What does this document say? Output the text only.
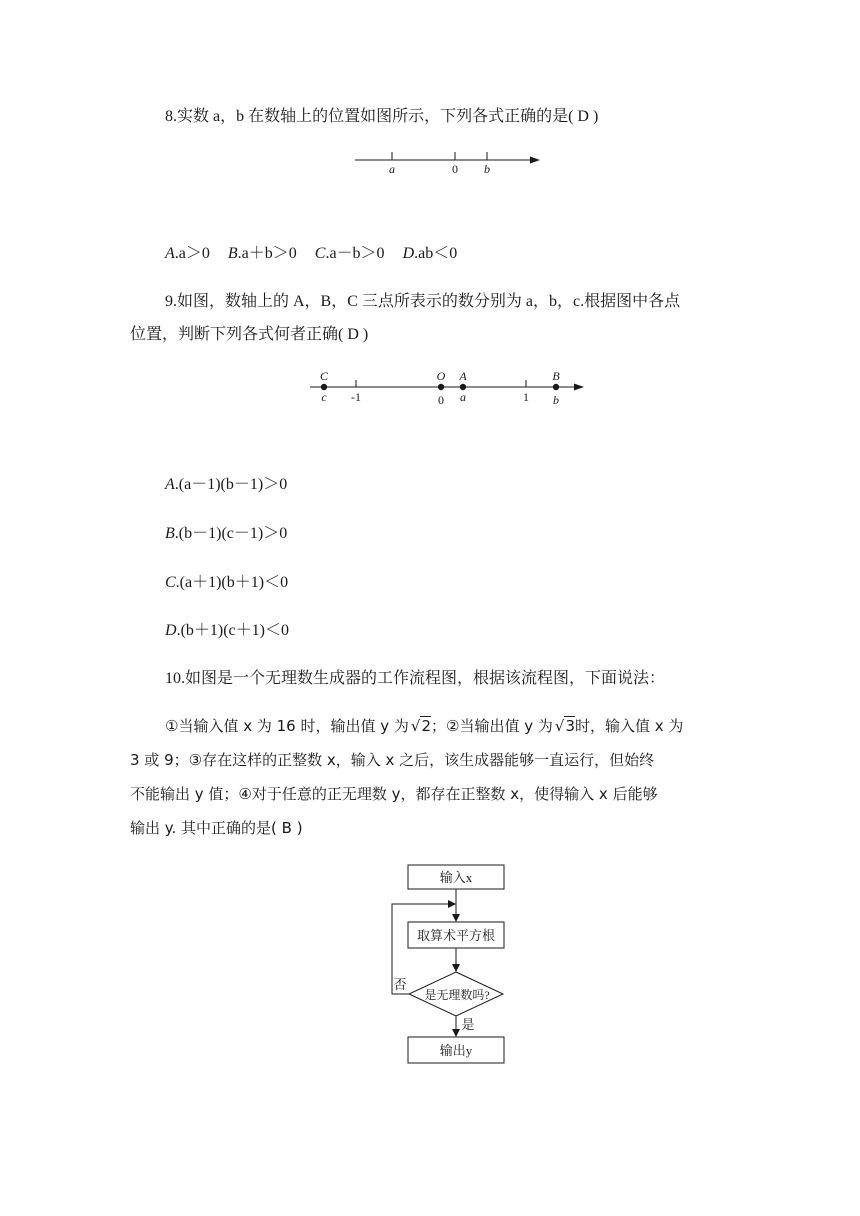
8.实数 a，b 在数轴上的位置如图所示，下列各式正确的是( D )
a	0 b
A.a＞0 B.a＋b＞0 C.a－b＞0 D.ab＜0
9.如图，数轴上的 A，B，C 三点所表示的数分别为 a，b，c.根据图中各点
位置，判断下列各式何者正确( D )
C	O A	B
c -1	0 a	1 b
A.(a－1)(b－1)＞0
B.(b－1)(c－1)＞0
C.(a＋1)(b＋1)＜0
D.(b＋1)(c＋1)＜0
10.如图是一个无理数生成器的工作流程图，根据该流程图，下面说法：
①当输入值 x 为 16 时，输出值 y 为 √2；②当输出值 y 为 √3时，输入值 x 为
3 或 9；③存在这样的正整数 x，输入 x 之后，该生成器能够一直运行，但始终
不能输出 y 值；④对于任意的正无理数 y，都存在正整数 x，使得输入 x 后能够
输出 y. 其中正确的是( B )
输入x
取算术平方根
是无理数吗?
否
是
输出y
